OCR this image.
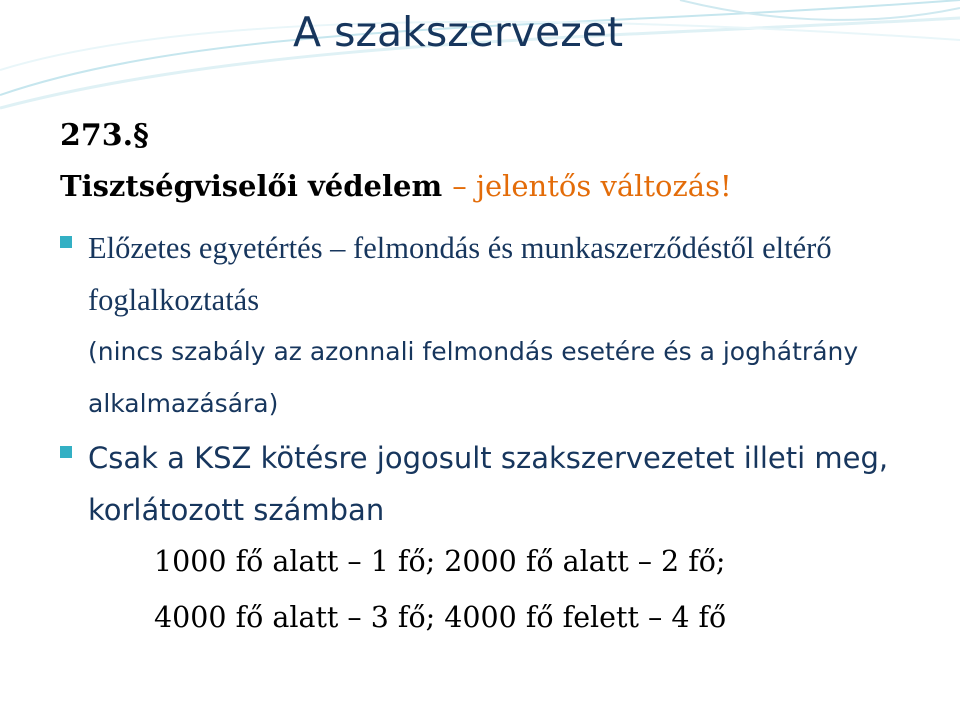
A szakszervezet
273.§
Tisztségviselői védelem – jelentős változás!

Előzetes egyetértés – felmondás és munkaszerződéstől eltérő foglalkoztatás
(nincs szabály az azonnali felmondás esetére és a joghátrány alkalmazására)

Csak a KSZ kötésre jogosult szakszervezetet illeti meg, korlátozott számban

1000 fő alatt – 1 fő; 2000 fő alatt – 2 fő;

4000 fő alatt – 3 fő; 4000 fő felett – 4 fő
